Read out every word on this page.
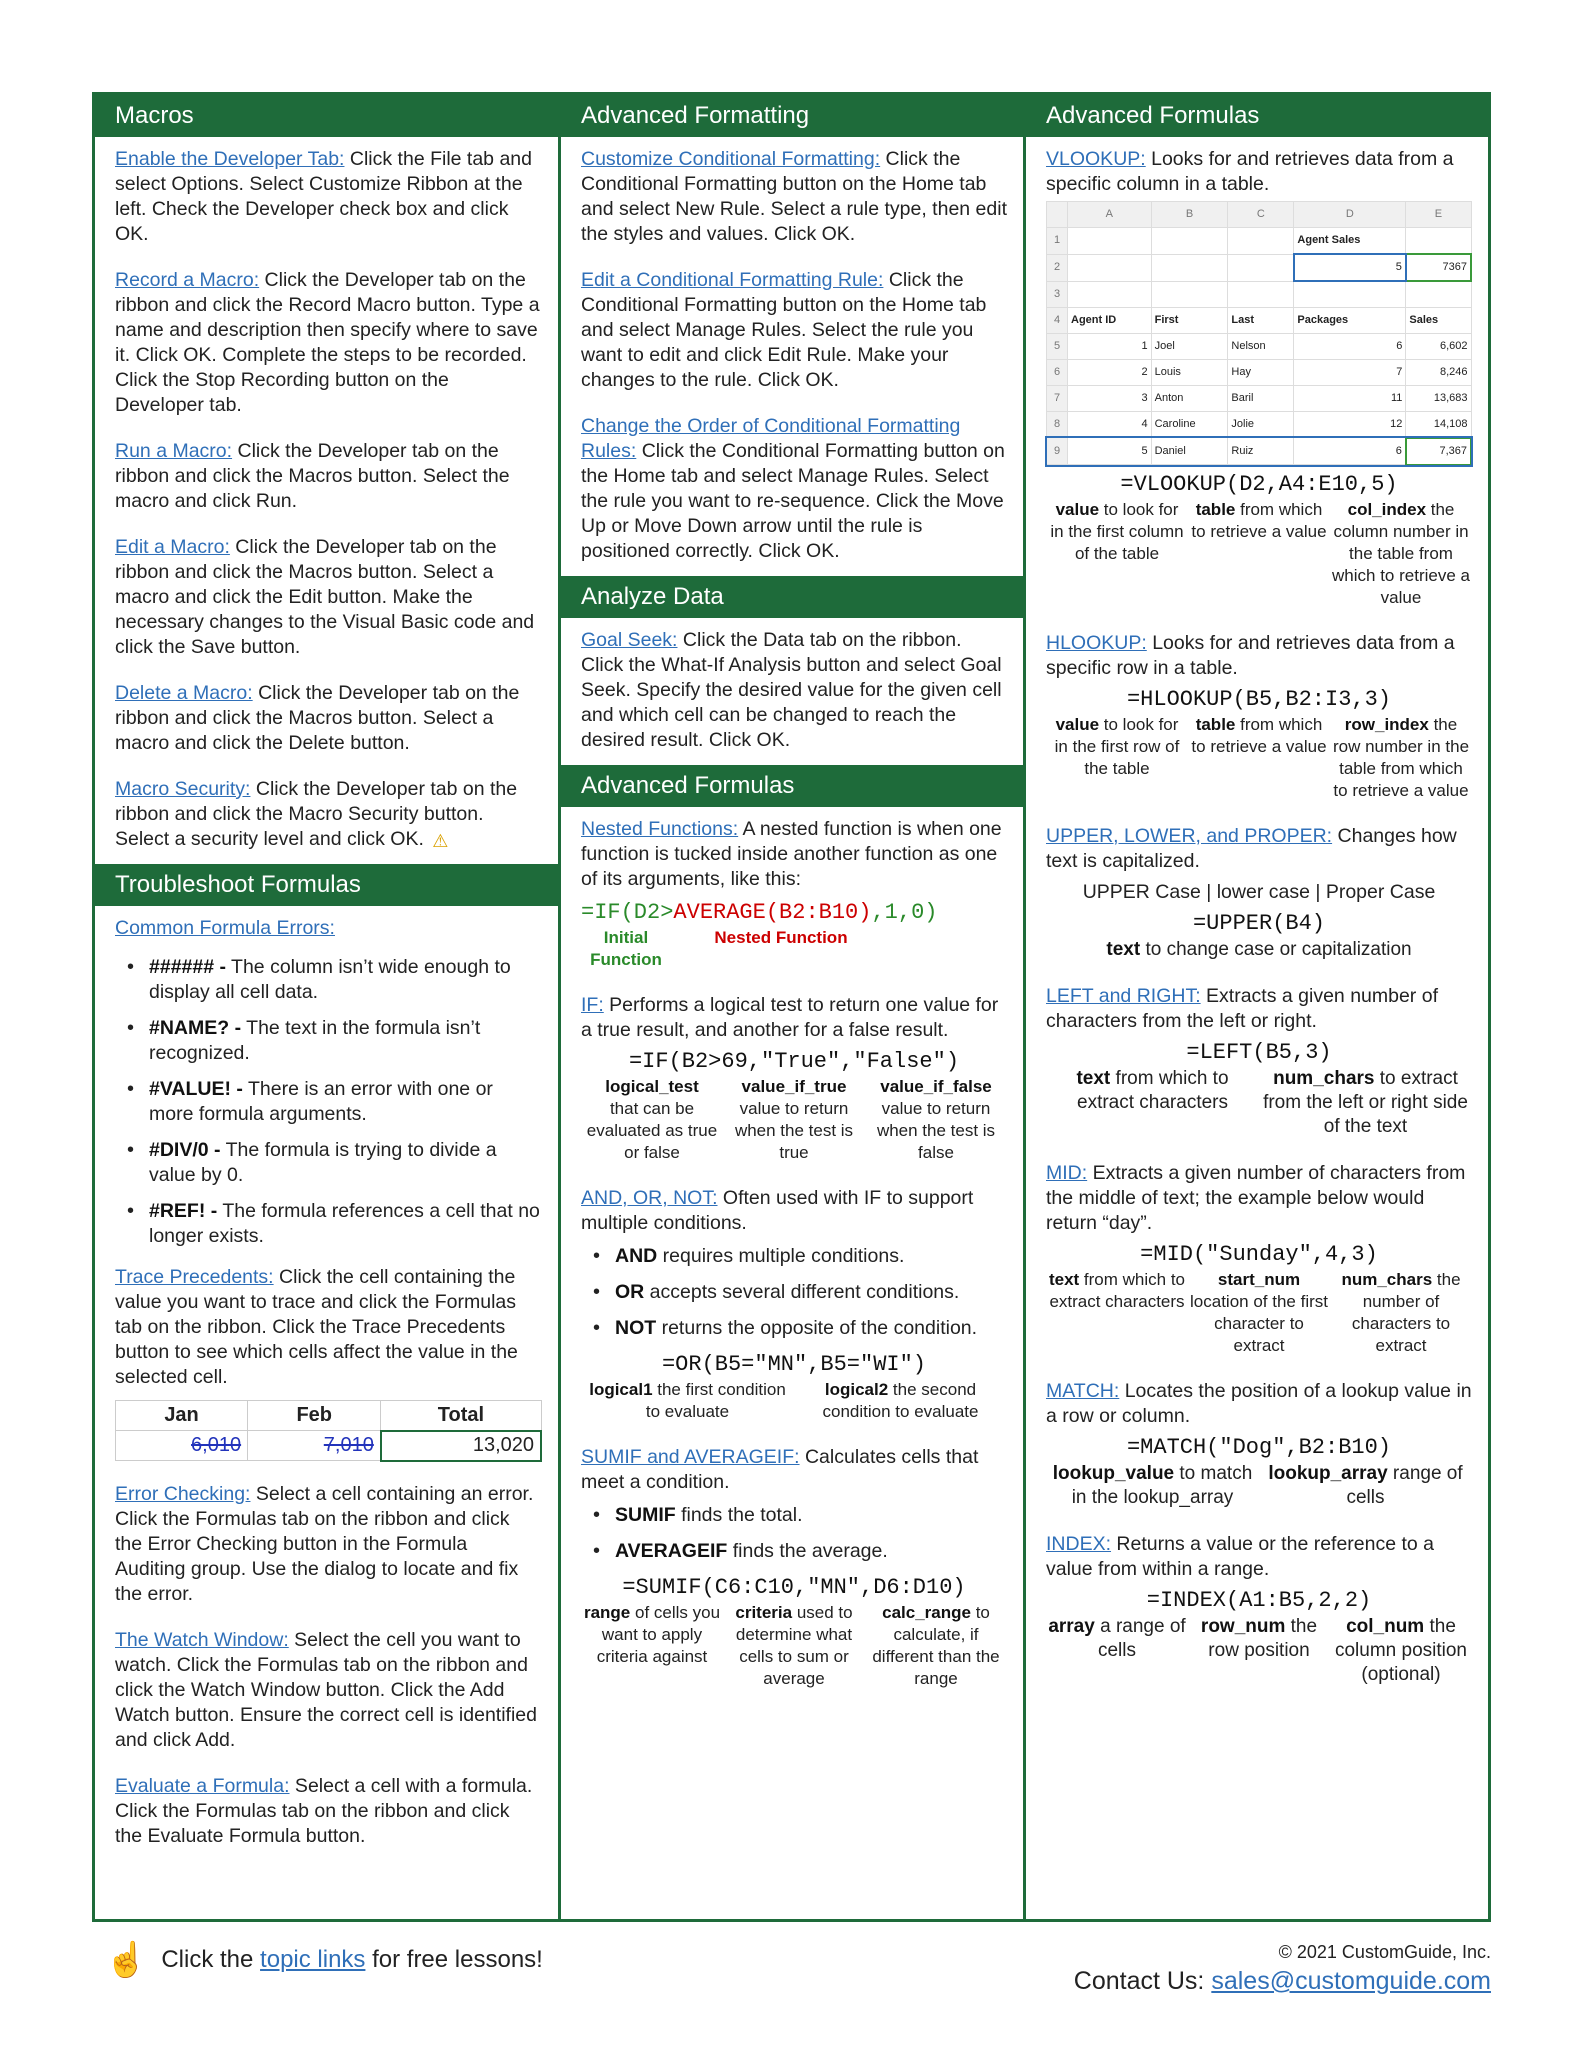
Macros
Enable the Developer Tab: Click the File tab and select Options. Select Customize Ribbon at the left. Check the Developer check box and click OK.
Record a Macro: Click the Developer tab on the ribbon and click the Record Macro button. Type a name and description then specify where to save it. Click OK. Complete the steps to be recorded. Click the Stop Recording button on the Developer tab.
Run a Macro: Click the Developer tab on the ribbon and click the Macros button. Select the macro and click Run.
Edit a Macro: Click the Developer tab on the ribbon and click the Macros button. Select a macro and click the Edit button. Make the necessary changes to the Visual Basic code and click the Save button.
Delete a Macro: Click the Developer tab on the ribbon and click the Macros button. Select a macro and click the Delete button.
Macro Security: Click the Developer tab on the ribbon and click the Macro Security button. Select a security level and click OK. ⚠
Troubleshoot Formulas
Common Formula Errors:
• ###### - The column isn’t wide enough to display all cell data.
• #NAME? - The text in the formula isn’t recognized.
• #VALUE! - There is an error with one or more formula arguments.
• #DIV/0 - The formula is trying to divide a value by 0.
• #REF! - The formula references a cell that no longer exists.
Trace Precedents: Click the cell containing the value you want to trace and click the Formulas tab on the ribbon. Click the Trace Precedents button to see which cells affect the value in the selected cell.
Jan	Feb	Total
6,010	7,010	13,020
Error Checking: Select a cell containing an error. Click the Formulas tab on the ribbon and click the Error Checking button in the Formula Auditing group. Use the dialog to locate and fix the error.
The Watch Window: Select the cell you want to watch. Click the Formulas tab on the ribbon and click the Watch Window button. Click the Add Watch button. Ensure the correct cell is identified and click Add.
Evaluate a Formula: Select a cell with a formula. Click the Formulas tab on the ribbon and click the Evaluate Formula button.
Advanced Formatting
Customize Conditional Formatting: Click the Conditional Formatting button on the Home tab and select New Rule. Select a rule type, then edit the styles and values. Click OK.
Edit a Conditional Formatting Rule: Click the Conditional Formatting button on the Home tab and select Manage Rules. Select the rule you want to edit and click Edit Rule. Make your changes to the rule. Click OK.
Change the Order of Conditional Formatting Rules: Click the Conditional Formatting button on the Home tab and select Manage Rules. Select the rule you want to re-sequence. Click the Move Up or Move Down arrow until the rule is positioned correctly. Click OK.
Analyze Data
Goal Seek: Click the Data tab on the ribbon. Click the What-If Analysis button and select Goal Seek. Specify the desired value for the given cell and which cell can be changed to reach the desired result. Click OK.
Advanced Formulas
Nested Functions: A nested function is when one function is tucked inside another function as one of its arguments, like this:
=IF(D2>AVERAGE(B2:B10),1,0)
Initial Function
Nested Function
IF: Performs a logical test to return one value for a true result, and another for a false result.
=IF(B2>69,"True","False")
logical_test
that can be evaluated as true or false
value_if_true
value to return when the test is true
value_if_false
value to return when the test is false
AND, OR, NOT: Often used with IF to support multiple conditions.
• AND requires multiple conditions.
• OR accepts several different conditions.
• NOT returns the opposite of the condition.
=OR(B5="MN",B5="WI")
logical1 the first condition to evaluate
logical2 the second condition to evaluate
SUMIF and AVERAGEIF: Calculates cells that meet a condition.
• SUMIF finds the total.
• AVERAGEIF finds the average.
=SUMIF(C6:C10,"MN",D6:D10)
range of cells you want to apply criteria against
criteria used to determine what cells to sum or average
calc_range to calculate, if different than the range
Advanced Formulas
VLOOKUP: Looks for and retrieves data from a specific column in a table.
	A	B	C	D	E
1				Agent Sales	
2				5	7367
3					
4	Agent ID	First	Last	Packages	Sales
5	1	Joel	Nelson	6	6,602
6	2	Louis	Hay	7	8,246
7	3	Anton	Baril	11	13,683
8	4	Caroline	Jolie	12	14,108
9	5	Daniel	Ruiz	6	7,367
=VLOOKUP(D2,A4:E10,5)
value to look for in the first column of the table
table from which to retrieve a value
col_index the column number in the table from which to retrieve a value
HLOOKUP: Looks for and retrieves data from a specific row in a table.
=HLOOKUP(B5,B2:I3,3)
value to look for in the first row of the table
table from which to retrieve a value
row_index the row number in the table from which to retrieve a value
UPPER, LOWER, and PROPER: Changes how text is capitalized.
UPPER Case | lower case | Proper Case
=UPPER(B4)
text to change case or capitalization
LEFT and RIGHT: Extracts a given number of characters from the left or right.
=LEFT(B5,3)
text from which to extract characters
num_chars to extract from the left or right side of the text
MID: Extracts a given number of characters from the middle of text; the example below would return “day”.
=MID("Sunday",4,3)
text from which to extract characters
start_num location of the first character to extract
num_chars the number of characters to extract
MATCH: Locates the position of a lookup value in a row or column.
=MATCH("Dog",B2:B10)
lookup_value to match in the lookup_array
lookup_array range of cells
INDEX: Returns a value or the reference to a value from within a range.
=INDEX(A1:B5,2,2)
array a range of cells
row_num the row position
col_num the column position (optional)
☝ Click the
topic links
for free lessons!	© 2021 CustomGuide, Inc.
Contact Us: sales@customguide.com
